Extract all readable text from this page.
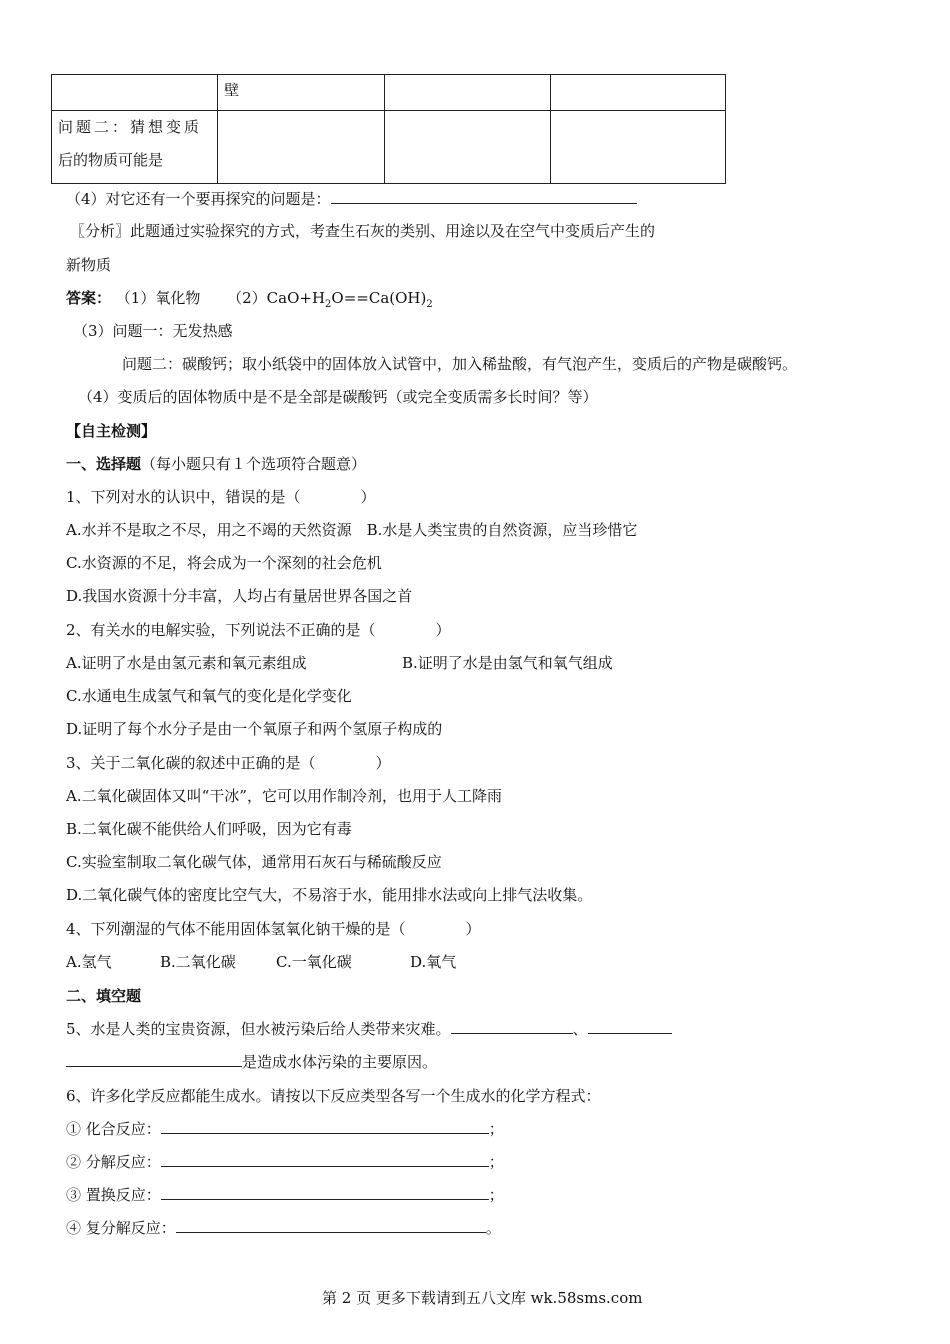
	壁		

问题二：猜想变质
后的物质可能是			

（4）对它还有一个要再探究的问题是：
〖分析〗此题通过实验探究的方式，考查生石灰的类别、用途以及在空气中变质后产生的
新物质
答案： （1）氧化物 $(2)CaO+H_2O==Ca(OH)_2$
（3）问题一：无发热感
问题二：碳酸钙；取小纸袋中的固体放入试管中，加入稀盐酸，有气泡产生，变质后的产物是碳酸钙。
（4）变质后的固体物质中是不是全部是碳酸钙（或完全变质需多长时间？等）
【自主检测】
一、选择题（每小题只有１个选项符合题意）
1、下列对水的认识中，错误的是（　　　　）
A.水并不是取之不尽，用之不竭的天然资源　B.水是人类宝贵的自然资源，应当珍惜它
C.水资源的不足，将会成为一个深刻的社会危机
D.我国水资源十分丰富，人均占有量居世界各国之首
2、有关水的电解实验，下列说法不正确的是（　　　　）
A.证明了水是由氢元素和氧元素组成	B.证明了水是由氢气和氧气组成
C.水通电生成氢气和氧气的变化是化学变化
D.证明了每个水分子是由一个氧原子和两个氢原子构成的
3、关于二氧化碳的叙述中正确的是（　　　　）
A.二氧化碳固体又叫“干冰”，它可以用作制冷剂，也用于人工降雨
B.二氧化碳不能供给人们呼吸，因为它有毒
C.实验室制取二氧化碳气体，通常用石灰石与稀硫酸反应
D.二氧化碳气体的密度比空气大，不易溶于水，能用排水法或向上排气法收集。
4、下列潮湿的气体不能用固体氢氧化钠干燥的是（　　　　）
A.氢气	B.二氧化碳	C.一氧化碳	D.氧气
二、填空题
5、水是人类的宝贵资源，但水被污染后给人类带来灾难。	、
是造成水体污染的主要原因。
6、许多化学反应都能生成水。请按以下反应类型各写一个生成水的化学方程式：
① 化合反应：	；
② 分解反应：	；
③ 置换反应：	；
④ 复分解反应：	。
第 2 页 更多下载请到五八文库 wk.58sms.com
